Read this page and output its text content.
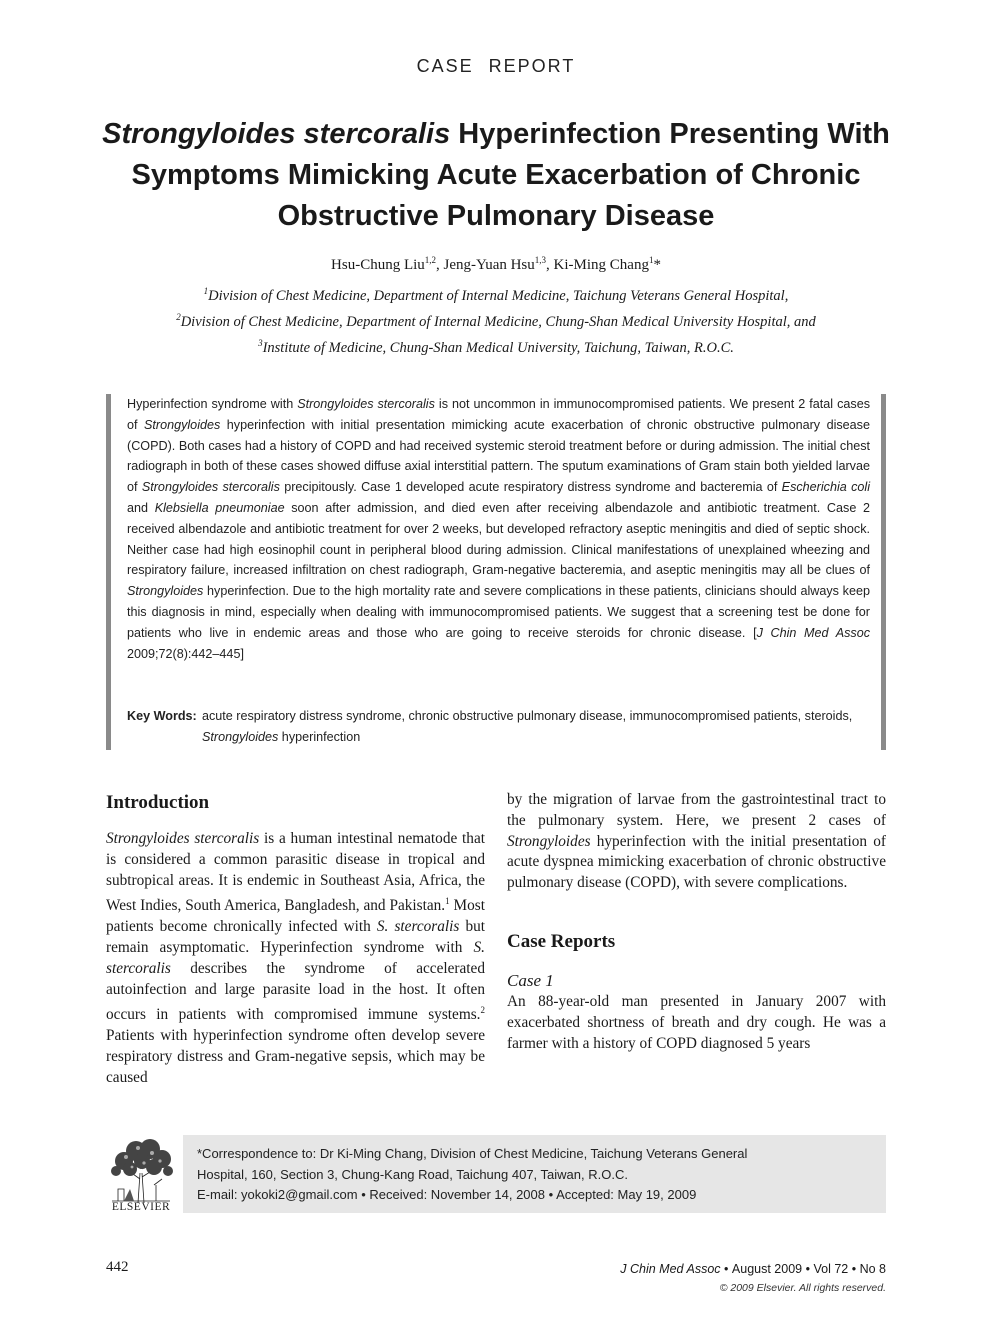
CASE REPORT
Strongyloides stercoralis Hyperinfection Presenting With Symptoms Mimicking Acute Exacerbation of Chronic Obstructive Pulmonary Disease
Hsu-Chung Liu$^{1,2}$, Jeng-Yuan Hsu$^{1,3}$, Ki-Ming Chang$^1$*
$^1$Division of Chest Medicine, Department of Internal Medicine, Taichung Veterans General Hospital,
$^2$Division of Chest Medicine, Department of Internal Medicine, Chung-Shan Medical University Hospital, and
$^3$Institute of Medicine, Chung-Shan Medical University, Taichung, Taiwan, R.O.C.

Hyperinfection syndrome with Strongyloides stercoralis is not uncommon in immunocompromised patients. We present 2 fatal cases of Strongyloides hyperinfection with initial presentation mimicking acute exacerbation of chronic obstructive pulmonary disease (COPD). Both cases had a history of COPD and had received systemic steroid treatment before or during admission. The initial chest radiograph in both of these cases showed diffuse axial interstitial pattern. The sputum examinations of Gram stain both yielded larvae of Strongyloides stercoralis precipitously. Case 1 developed acute respiratory distress syndrome and bacteremia of Escherichia coli and Klebsiella pneumoniae soon after admission, and died even after receiving albendazole and antibiotic treatment. Case 2 received albendazole and antibiotic treatment for over 2 weeks, but developed refractory aseptic meningitis and died of septic shock. Neither case had high eosinophil count in peripheral blood during admission. Clinical manifestations of unexplained wheezing and respiratory failure, increased infiltration on chest radiograph, Gram-negative bacteremia, and aseptic meningitis may all be clues of Strongyloides hyperinfection. Due to the high mortality rate and severe complications in these patients, clinicians should always keep this diagnosis in mind, especially when dealing with immunocompromised patients. We suggest that a screening test be done for patients who live in endemic areas and those who are going to receive steroids for chronic disease. [J Chin Med Assoc 2009;72(8):442–445]

Key Words: acute respiratory distress syndrome, chronic obstructive pulmonary disease, immunocompromised patients, steroids, Strongyloides hyperinfection
Introduction

Strongyloides stercoralis is a human intestinal nematode that is considered a common parasitic disease in tropical and subtropical areas. It is endemic in Southeast Asia, Africa, the West Indies, South America, Bangladesh, and Pakistan.$^1$ Most patients become chronically infected with S. stercoralis but remain asymptomatic. Hyperinfection syndrome with S. stercoralis describes the syndrome of accelerated autoinfection and large parasite load in the host. It often occurs in patients with compromised immune systems.$^2$ Patients with hyperinfection syndrome often develop severe respiratory distress and Gram-negative sepsis, which may be caused

by the migration of larvae from the gastrointestinal tract to the pulmonary system. Here, we present 2 cases of Strongyloides hyperinfection with the initial presentation of acute dyspnea mimicking exacerbation of chronic obstructive pulmonary disease (COPD), with severe complications.

Case Reports
Case 1

An 88-year-old man presented in January 2007 with exacerbated shortness of breath and dry cough. He was a farmer with a history of COPD diagnosed 5 years

ELSEVIER
*Correspondence to: Dr Ki-Ming Chang, Division of Chest Medicine, Taichung Veterans General
Hospital, 160, Section 3, Chung-Kang Road, Taichung 407, Taiwan, R.O.C.
E-mail: yokoki2@gmail.com • Received: November 14, 2008 • Accepted: May 19, 2009
442	J Chin Med Assoc • August 2009 • Vol 72 • No 8
© 2009 Elsevier. All rights reserved.
